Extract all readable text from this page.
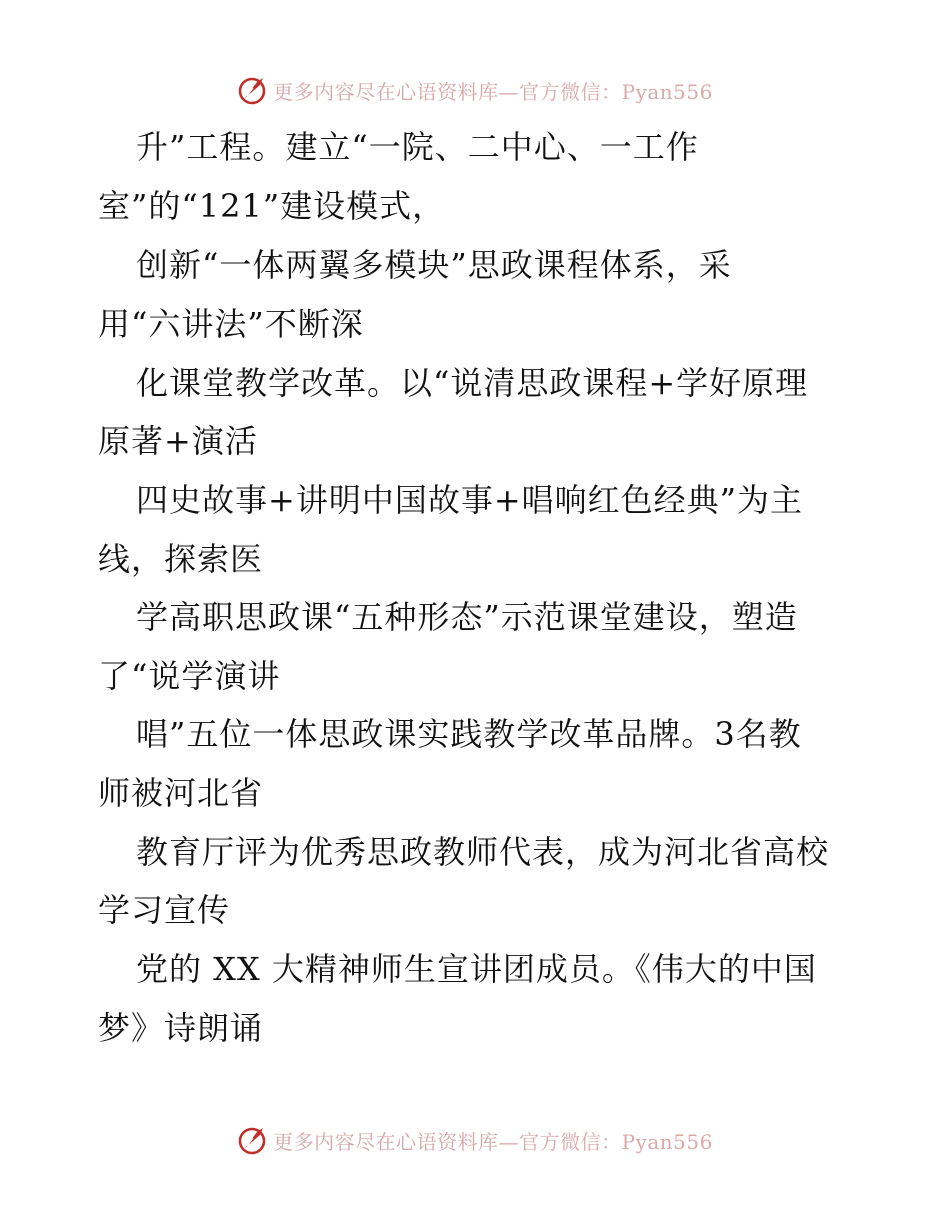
更多内容尽在心语资料库—官方微信：Pyan556
升”工程。建立“一院、二中心、一工作
室”的“121”建设模式，
创新“一体两翼多模块”思政课程体系，采
用“六讲法”不断深
化课堂教学改革。以“说清思政课程+学好原理
原著+演活
四史故事+讲明中国故事+唱响红色经典”为主
线，探索医
学高职思政课“五种形态”示范课堂建设，塑造
了“说学演讲
唱”五位一体思政课实践教学改革品牌。3名教
师被河北省
教育厅评为优秀思政教师代表，成为河北省高校
学习宣传
党的 XX 大精神师生宣讲团成员。《伟大的中国
梦》诗朗诵
更多内容尽在心语资料库—官方微信：Pyan556
